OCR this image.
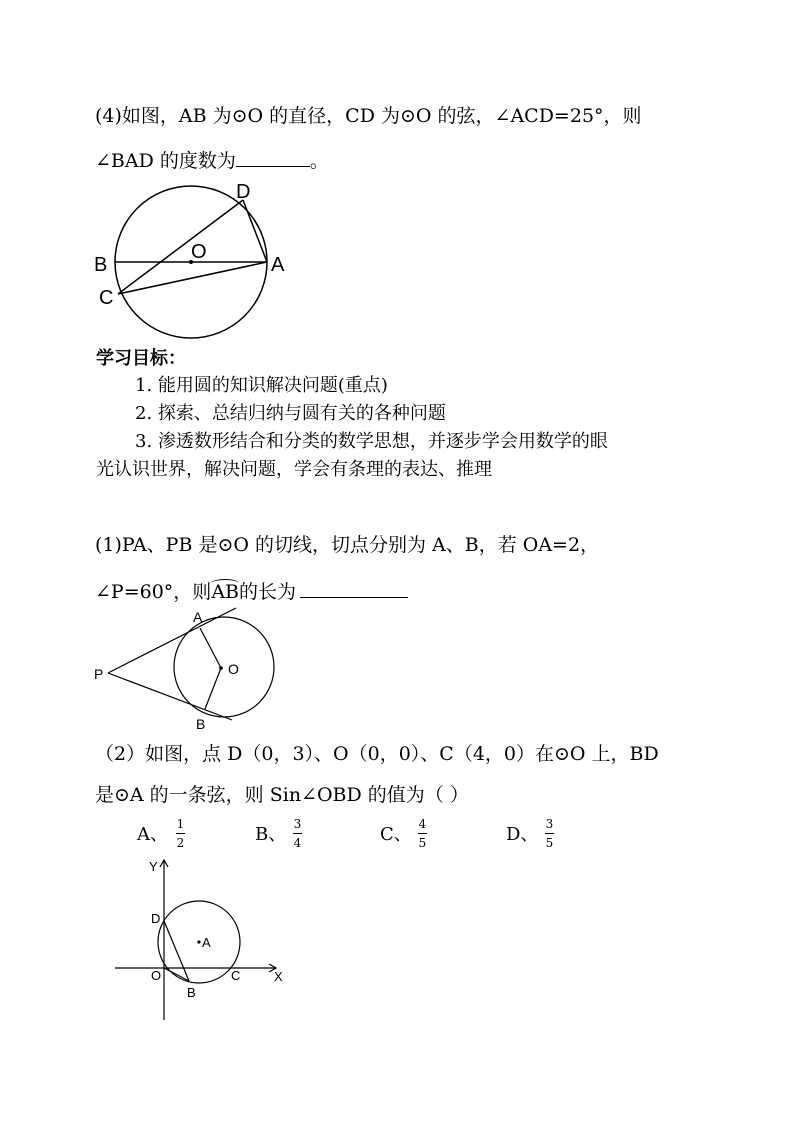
(4)如图，AB 为⊙O 的直径，CD 为⊙O 的弦，∠ACD=25°，则
∠BAD 的度数为	。
D
O
B	A
C
学习目标：
1. 能用圆的知识解决问题(重点)
2. 探索、总结归纳与圆有关的各种问题
3. 渗透数形结合和分类的数学思想，并逐步学会用数学的眼
光认识世界，解决问题，学会有条理的表达、推理
(1)PA、PB 是⊙O 的切线，切点分别为 A、B，若 OA=2，
∠P=60°，则AB的长为
A
O
P
B
（2）如图，点 D（0，3）、O（0，0）、C（4，0）在⊙O 上，BD
是⊙A 的一条弦，则 Sin∠OBD 的值为（ ）
A、 1
2	B、 3
4	C、 4
5	D、 3
5
Y
X
D
A
O	C
B
